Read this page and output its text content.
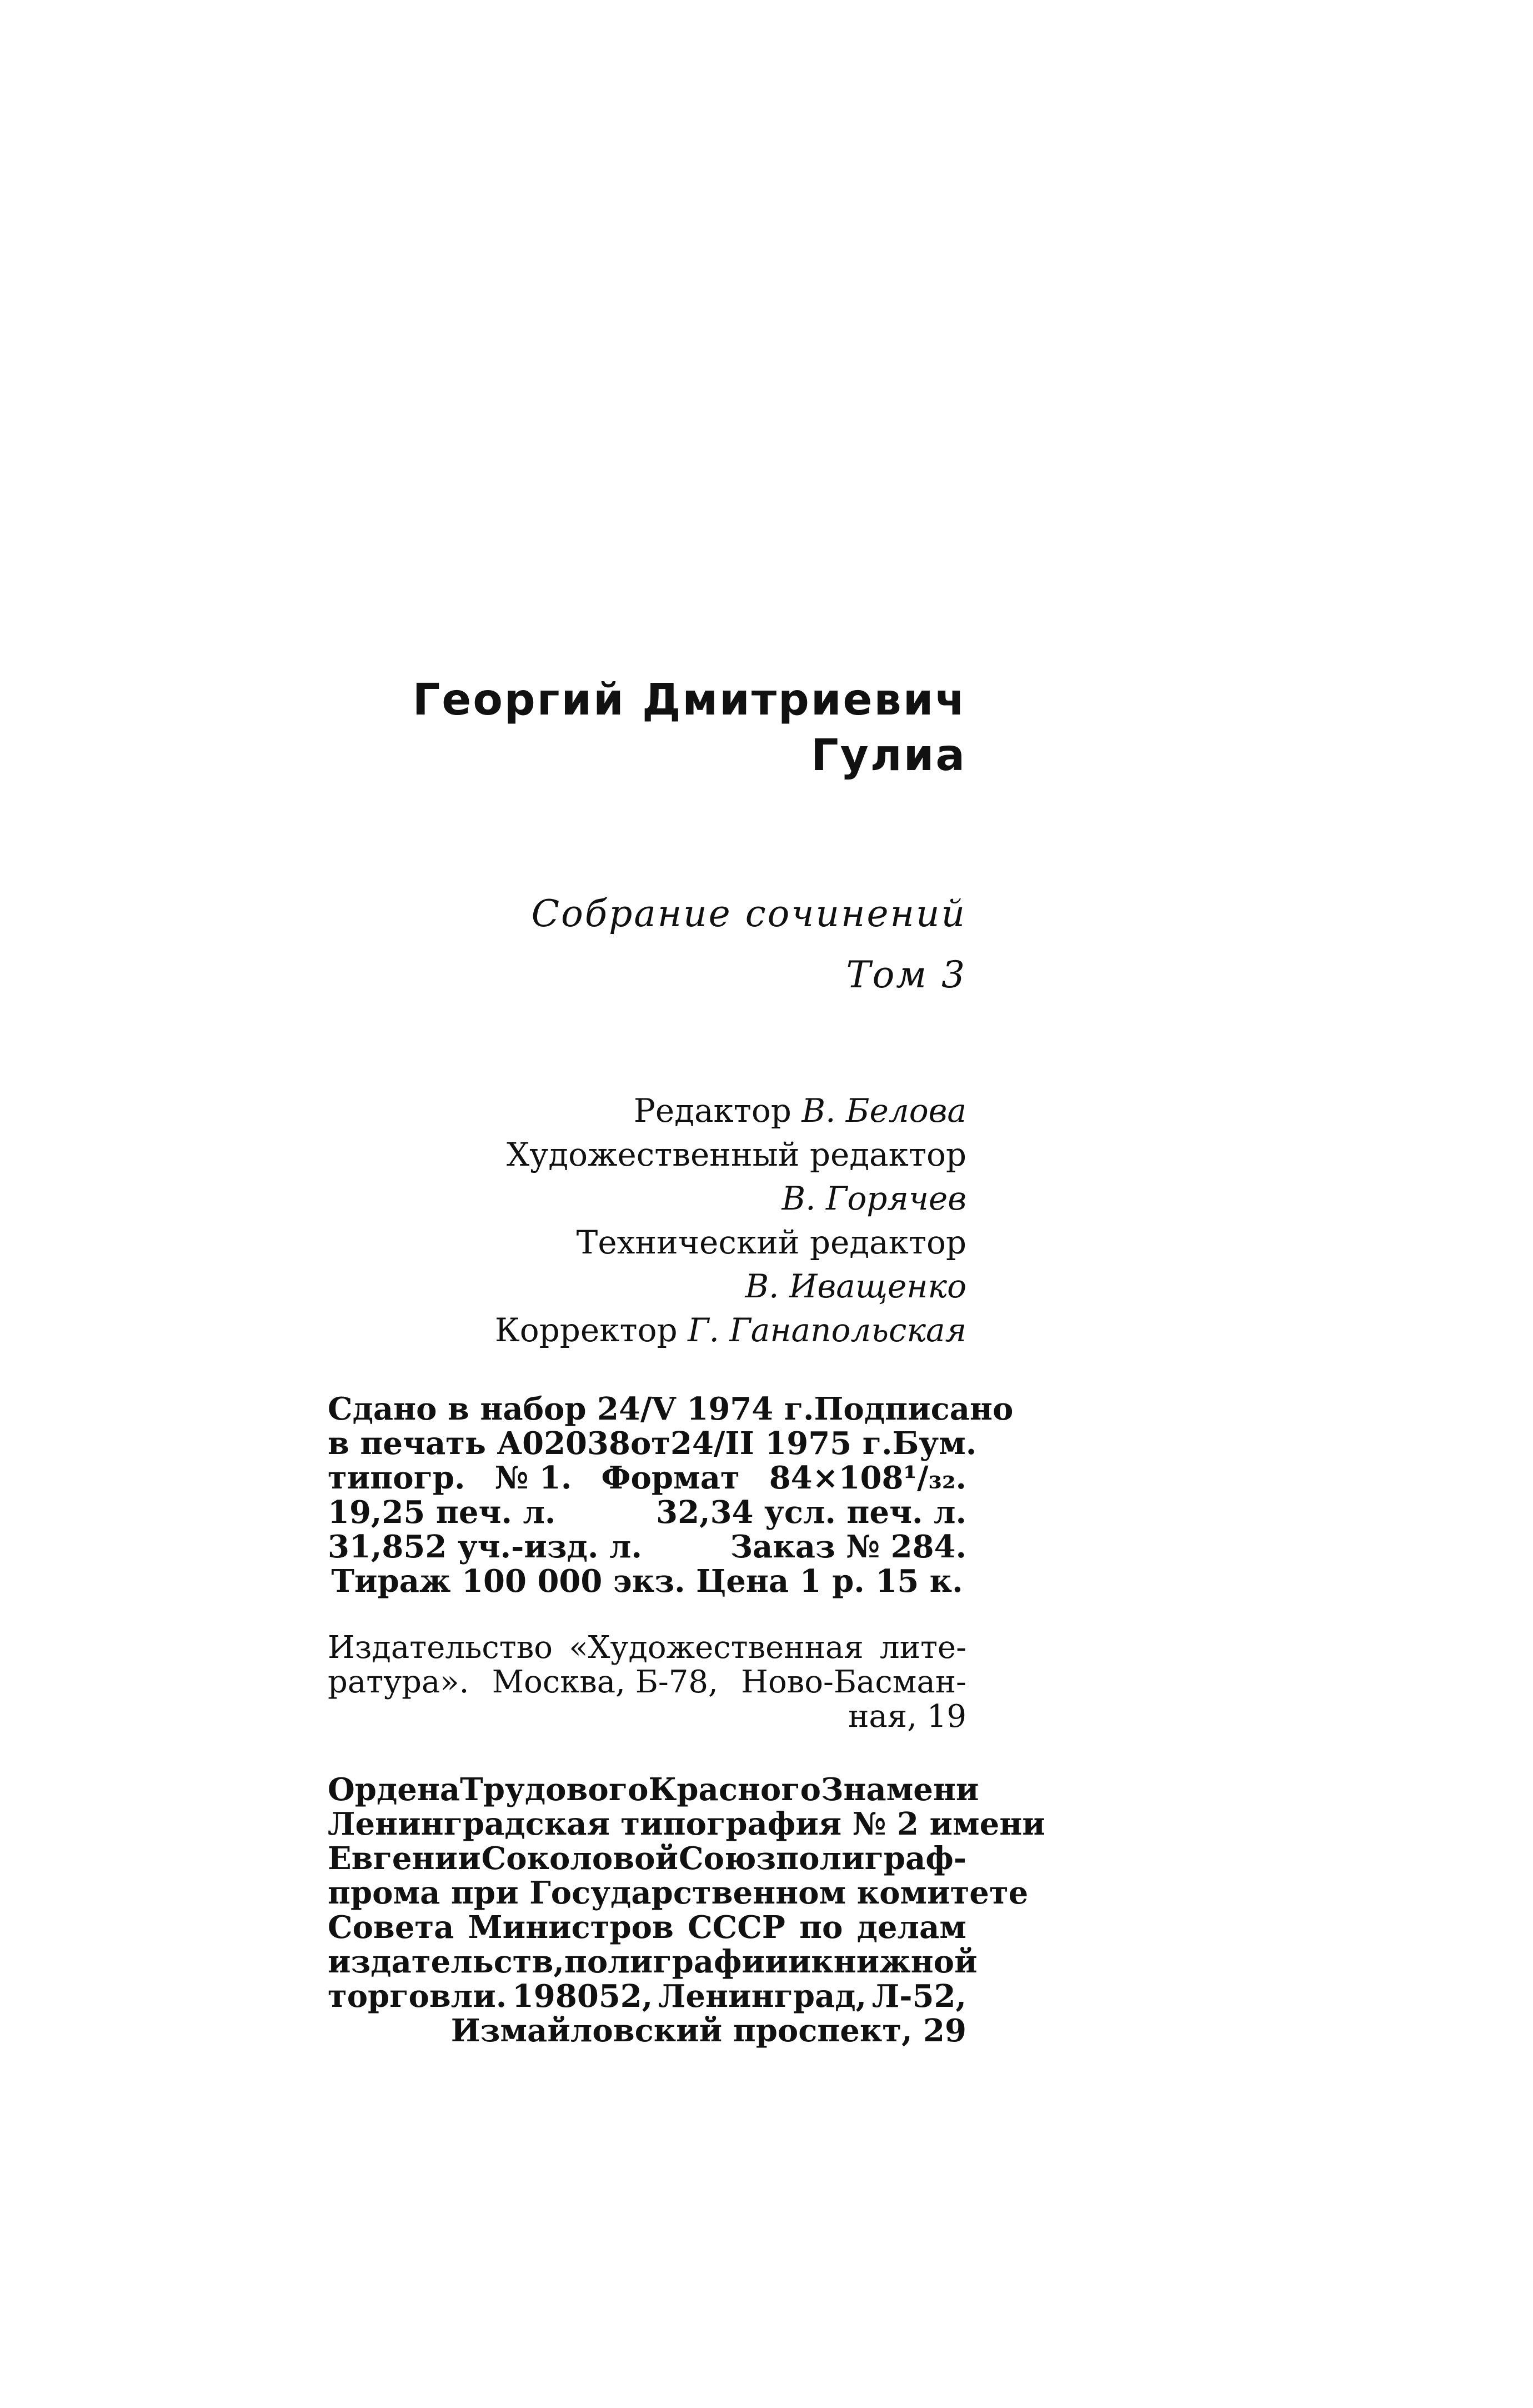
Георгий Дмитриевич
Гулиа
Собрание сочинений
Том 3
Редактор В. Белова
Художественный редактор
В. Горячев
Технический редактор
В. Иващенко
Корректор Г. Ганапольская
Сдано в набор 24/V 1974 г. Подписано
в печать А02038 от 24/II 1975 г. Бум.
типогр. № 1. Формат 84×108¹/₃₂.
19,25 печ. л.	32,34 усл. печ. л.
31,852 уч.-изд. л.	Заказ № 284.
Тираж 100 000 экз. Цена 1 р. 15 к.
Издательство «Художественная лите-
ратура». Москва, Б-78, Ново-Басман-
ная, 19
Ордена Трудового Красного Знамени
Ленинградская типография № 2 имени
Евгении Соколовой Союзполиграф-
прома при Государственном комитете
Совета Министров СССР по делам
издательств, полиграфии и книжной
торговли. 198052, Ленинград, Л-52,
Измайловский проспект, 29
